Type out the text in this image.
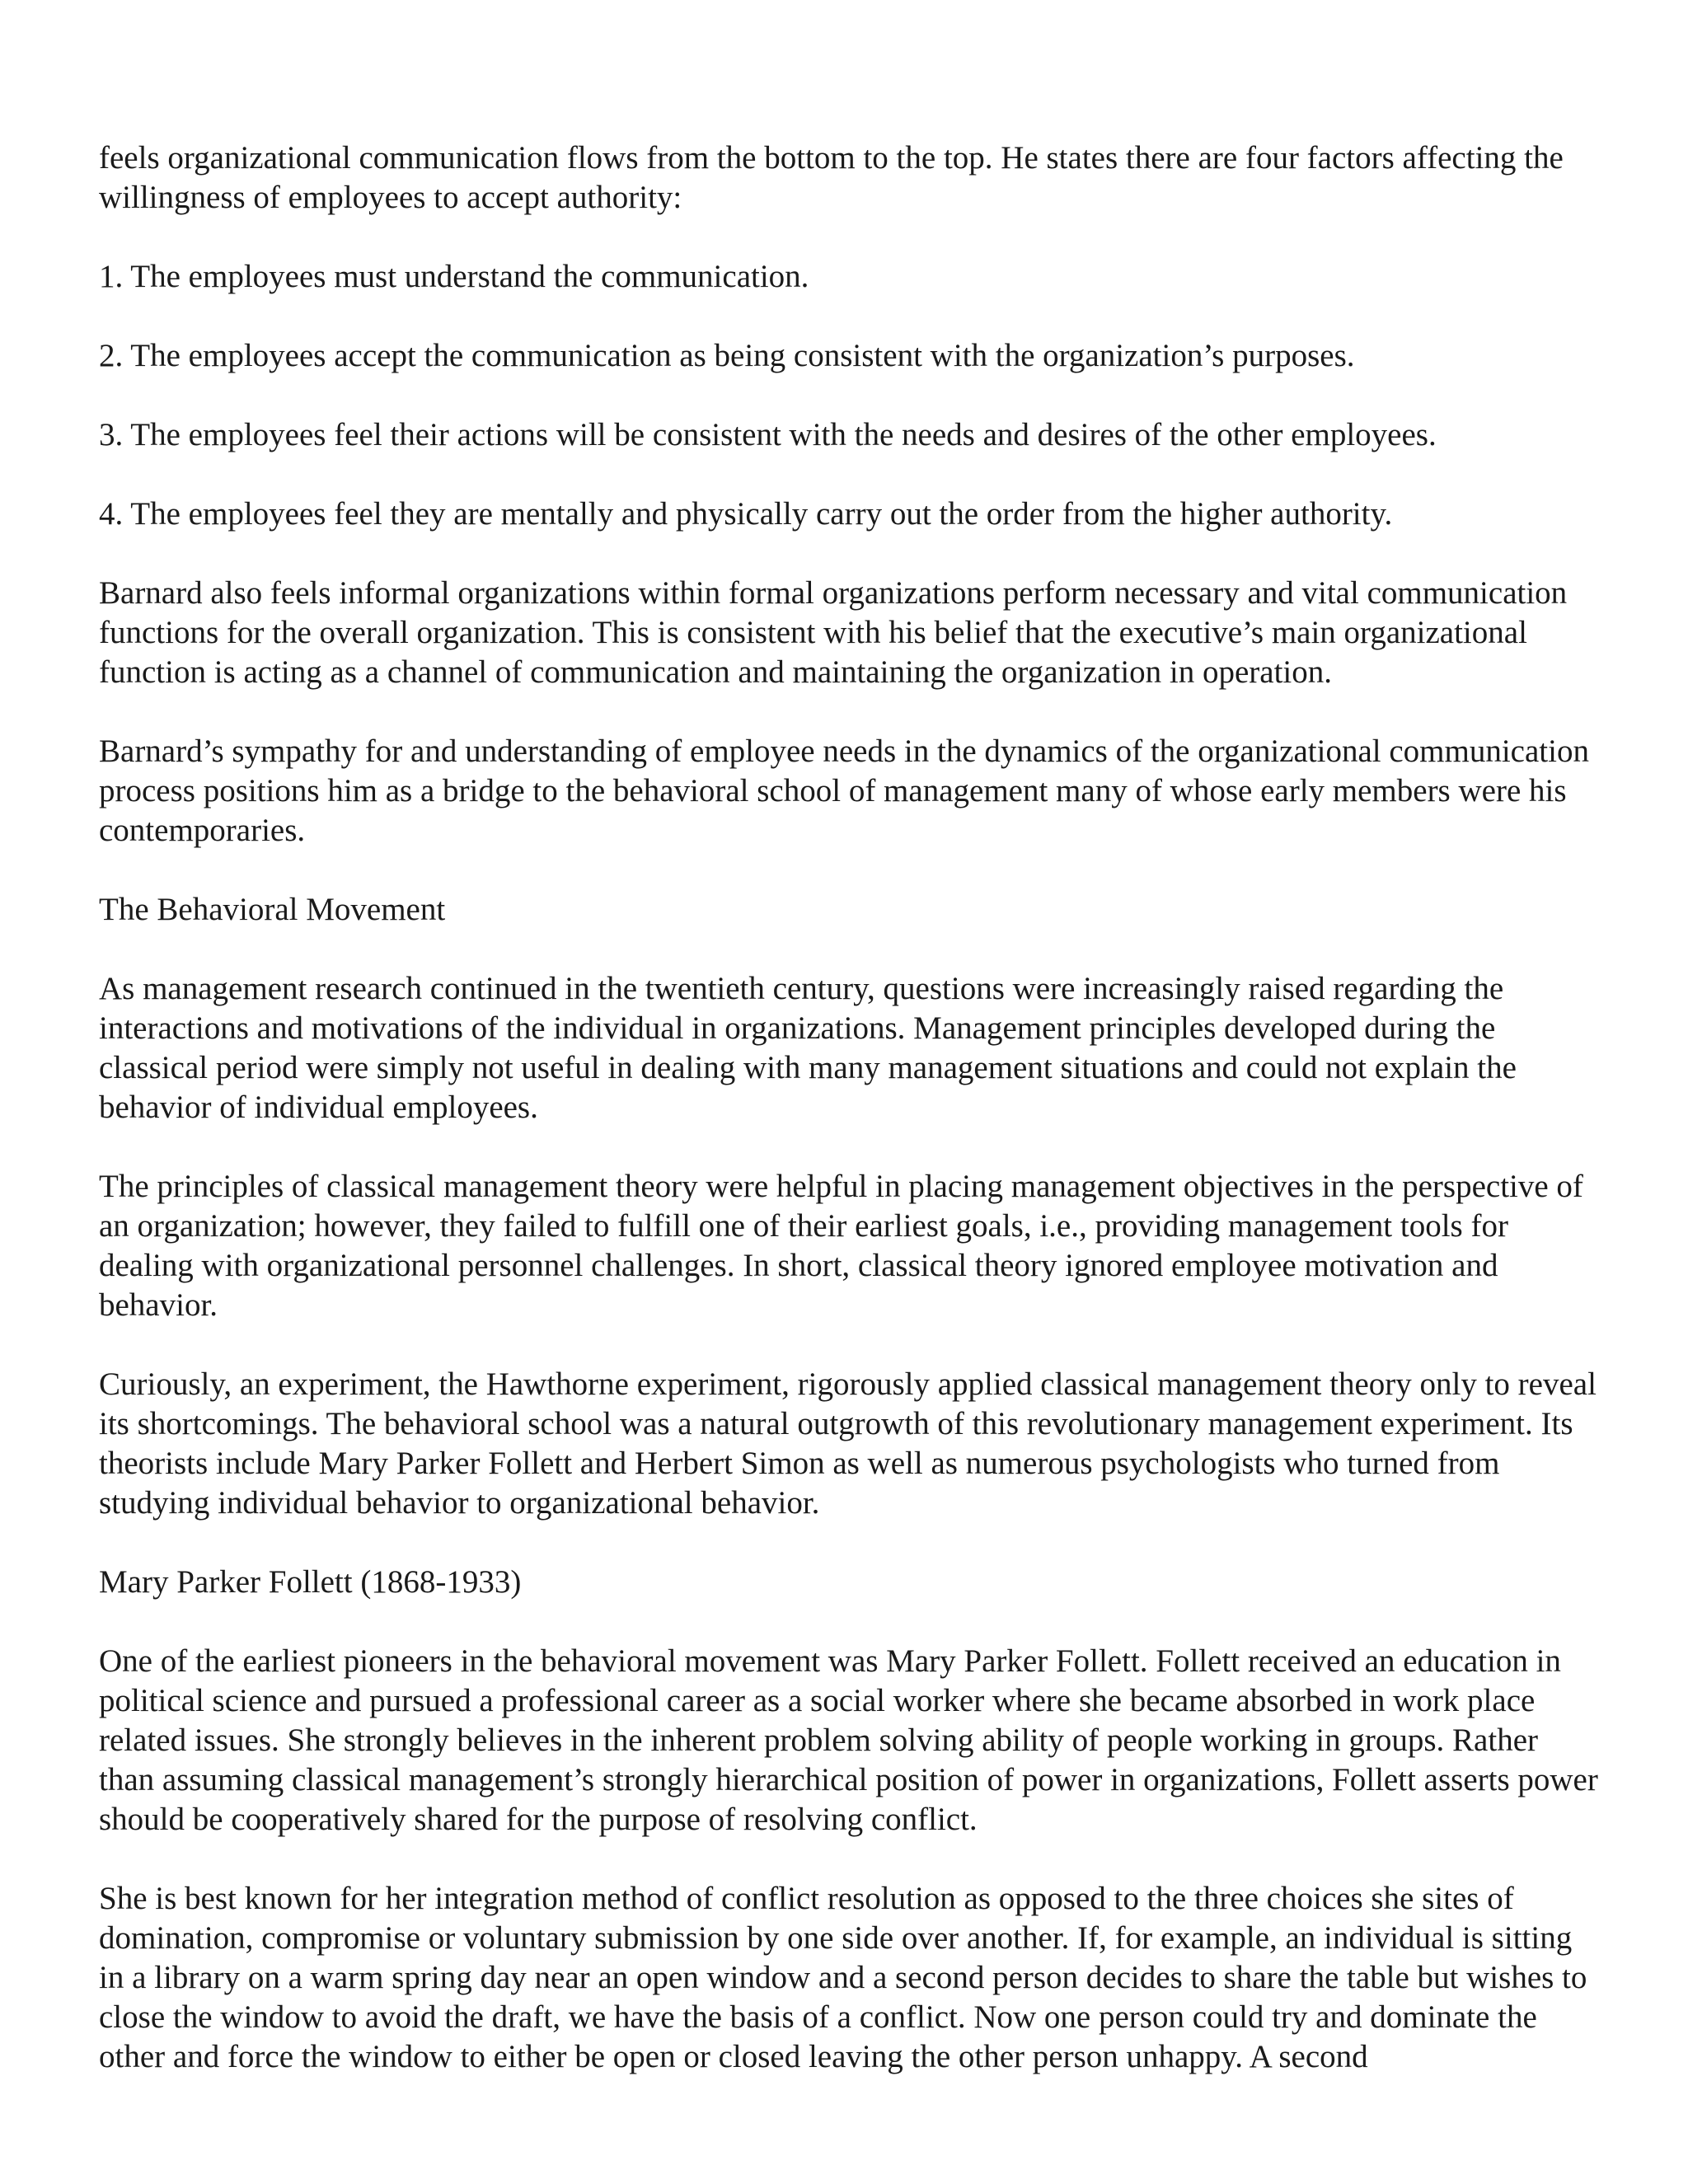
feels organizational communication flows from the bottom to the top. He states there are four factors affecting the willingness of employees to accept authority:

1. The employees must understand the communication.

2. The employees accept the communication as being consistent with the organization’s purposes.

3. The employees feel their actions will be consistent with the needs and desires of the other employees.

4. The employees feel they are mentally and physically carry out the order from the higher authority.

Barnard also feels informal organizations within formal organizations perform necessary and vital communication functions for the overall organization. This is consistent with his belief that the executive’s main organizational function is acting as a channel of communication and maintaining the organization in operation.

Barnard’s sympathy for and understanding of employee needs in the dynamics of the organizational communication process positions him as a bridge to the behavioral school of management many of whose early members were his contemporaries.

The Behavioral Movement

As management research continued in the twentieth century, questions were increasingly raised regarding the interactions and motivations of the individual in organizations. Management principles developed during the classical period were simply not useful in dealing with many management situations and could not explain the behavior of individual employees.

The principles of classical management theory were helpful in placing management objectives in the perspective of an organization; however, they failed to fulfill one of their earliest goals, i.e., providing management tools for dealing with organizational personnel challenges. In short, classical theory ignored employee motivation and behavior.

Curiously, an experiment, the Hawthorne experiment, rigorously applied classical management theory only to reveal its shortcomings. The behavioral school was a natural outgrowth of this revolutionary management experiment. Its theorists include Mary Parker Follett and Herbert Simon as well as numerous psychologists who turned from studying individual behavior to organizational behavior.

Mary Parker Follett (1868-1933)

One of the earliest pioneers in the behavioral movement was Mary Parker Follett. Follett received an education in political science and pursued a professional career as a social worker where she became absorbed in work place related issues. She strongly believes in the inherent problem solving ability of people working in groups. Rather than assuming classical management’s strongly hierarchical position of power in organizations, Follett asserts power should be cooperatively shared for the purpose of resolving conflict.

She is best known for her integration method of conflict resolution as opposed to the three choices she sites of domination, compromise or voluntary submission by one side over another. If, for example, an individual is sitting in a library on a warm spring day near an open window and a second person decides to share the table but wishes to close the window to avoid the draft, we have the basis of a conflict. Now one person could try and dominate the other and force the window to either be open or closed leaving the other person unhappy. A second
